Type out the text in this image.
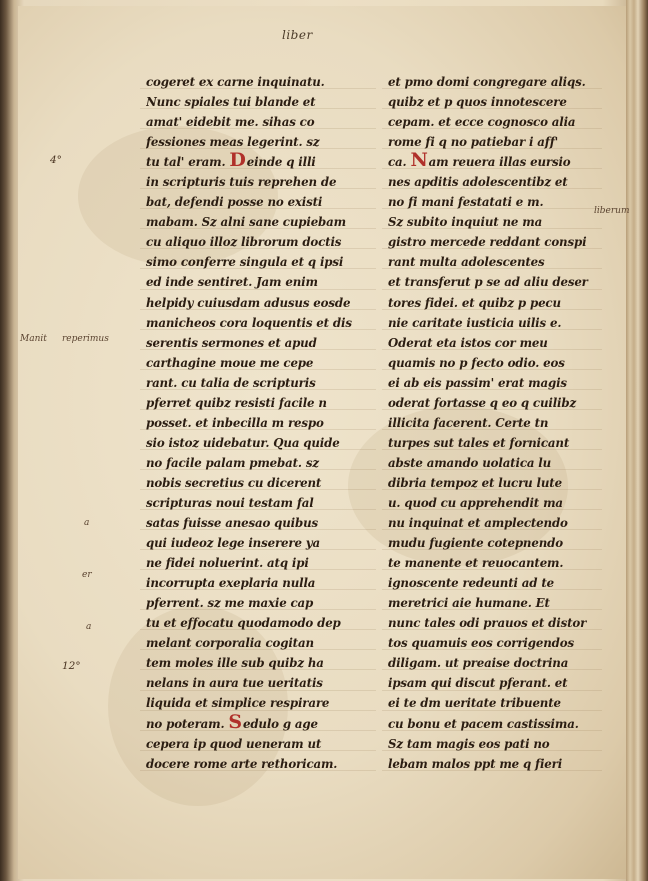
liber
cogeret ex carne inquinatu.
Nunc spiales tui blande et
amat' eidebit me. sihas co
fessiones meas legerint. sz
tu tal' eram. Deinde q illi
in scripturis tuis reprehen de
bat, defendi posse no existi
mabam. Sz alni sane cupiebam
cu aliquo illoz librorum doctis
simo conferre singula et q ipsi
ed inde sentiret. Jam enim
helpidy cuiusdam adusus eosde
manicheos cora loquentis et dis
serentis sermones et apud
carthagine moue me cepe
rant. cu talia de scripturis
pferret quibz resisti facile n
posset. et inbecilla m respo
sio istoz uidebatur. Qua quide
no facile palam pmebat. sz
nobis secretius cu dicerent
scripturas noui testam fal
satas fuisse anesao quibus
qui iudeoz lege inserere ya
ne fidei noluerint. atq ipi
incorrupta exeplaria nulla
pferrent. sz me maxie cap
tu et effocatu quodamodo dep
melant corporalia cogitan
tem moles ille sub quibz ha
nelans in aura tue ueritatis
liquida et simplice respirare
no poteram. Sedulo g age
cepera ip quod ueneram ut
docere rome arte rethoricam.
et pmo domi congregare aliqs.
quibz et p quos innotescere
cepam. et ecce cognosco alia
rome fi q no patiebar i aff'
ca. Nam reuera illas eursio
nes apditis adolescentibz et
no fi mani festatati e m.
Sz subito inquiut ne ma
gistro mercede reddant conspi
rant multa adolescentes
et transferut p se ad aliu deser
tores fidei. et quibz p pecu
nie caritate iusticia uilis e.
Oderat eta istos cor meu
quamis no p fecto odio. eos
ei ab eis passim' erat magis
oderat fortasse q eo q cuilibz
illicita facerent. Certe tn
turpes sut tales et fornicant
abste amando uolatica lu
dibria tempoz et lucru lute
u. quod cu apprehendit ma
nu inquinat et amplectendo
mudu fugiente cotepnendo
te manente et reuocantem.
ignoscente redeunti ad te
meretrici aie humane. Et
nunc tales odi prauos et distor
tos quamuis eos corrigendos
diligam. ut preaise doctrina
ipsam qui discut pferant. et
ei te dm ueritate tribuente
cu bonu et pacem castissima.
Sz tam magis eos pati no
lebam malos ppt me q fieri
4°
Manit reperimus
a
er
a
12°
liberum
